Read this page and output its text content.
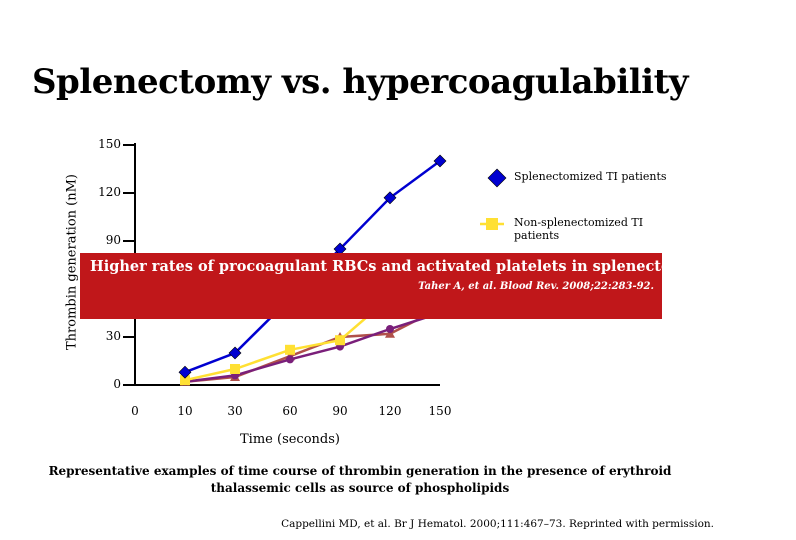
Splenectomy vs. hypercoagulability
Thrombin generation (nM)
Time (seconds)
150
120
90
30
0
0	10	30	60	90	120	150
Splenectomized TI patients
Non-splenectomized TI patients
Higher rates of procoagulant RBCs and activated platelets in splenectomized patients.
Taher A, et al. Blood Rev. 2008;22:283-92.
Representative examples of time course of thrombin generation in the presence of erythroid thalassemic cells as source of phospholipids
Cappellini MD, et al. Br J Hematol. 2000;111:467–73. Reprinted with permission.
